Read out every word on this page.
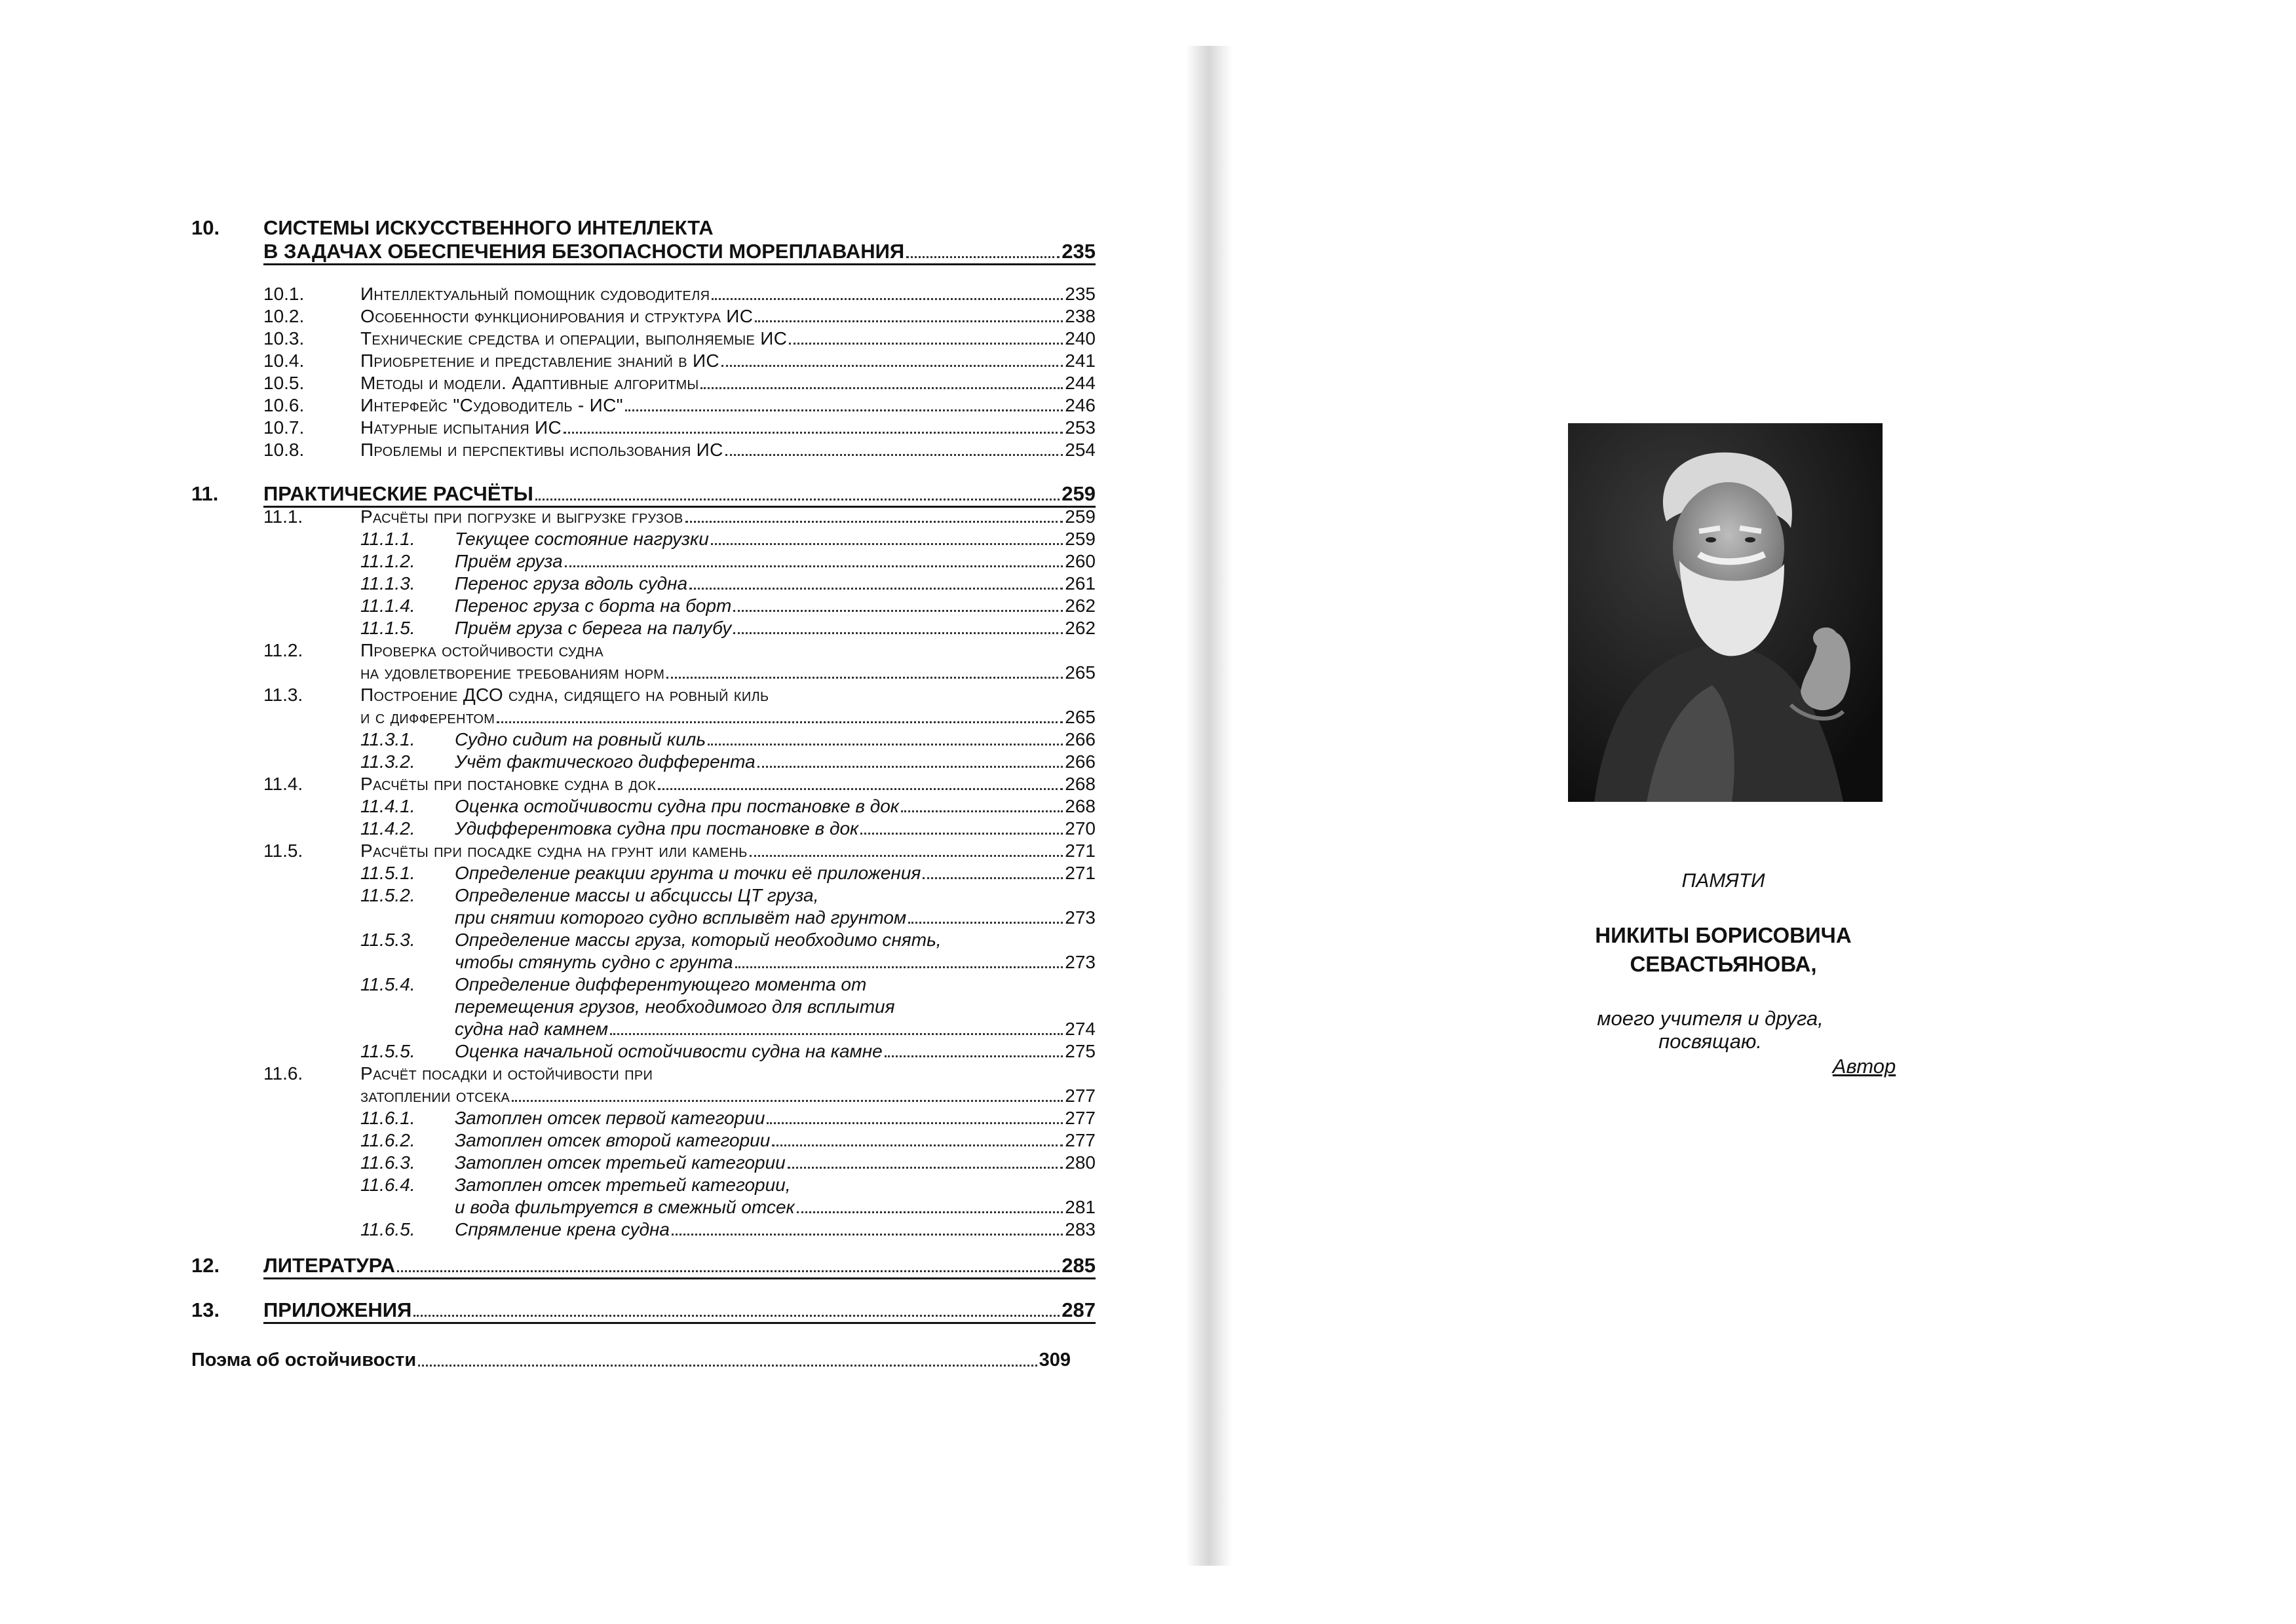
10. СИСТЕМЫ ИСКУССТВЕННОГО ИНТЕЛЛЕКТА
В ЗАДАЧАХ ОБЕСПЕЧЕНИЯ БЕЗОПАСНОСТИ МОРЕПЛАВАНИЯ	235
10.1.	Интеллектуальный помощник судоводителя	235
10.2.	Особенности функционирования и структура ИС	238
10.3.	Технические средства и операции, выполняемые ИС	240
10.4.	Приобретение и представление знаний в ИС	241
10.5.	Методы и модели. Адаптивные алгоритмы	244
10.6.	Интерфейс "Судоводитель - ИС"	246
10.7.	Натурные испытания ИС	253
10.8.	Проблемы и перспективы использования ИС	254
11. ПРАКТИЧЕСКИЕ РАСЧЁТЫ	259
11.1.	Расчёты при погрузке и выгрузке грузов	259
11.1.1. Текущее состояние нагрузки	259
11.1.2. Приём груза	260
11.1.3. Перенос груза вдоль судна	261
11.1.4. Перенос груза с борта на борт	262
11.1.5. Приём груза с берега на палубу	262
11.2.	Проверка остойчивости судна
на удовлетворение требованиям норм	265
11.3.	Построение ДСО судна, сидящего на ровный киль
и с дифферентом	265
11.3.1. Судно сидит на ровный киль	266
11.3.2. Учёт фактического дифферента	266
11.4.	Расчёты при постановке судна в док	268
11.4.1. Оценка остойчивости судна при постановке в док	268
11.4.2. Удифферентовка судна при постановке в док	270
11.5.	Расчёты при посадке судна на грунт или камень	271
11.5.1. Определение реакции грунта и точки её приложения	271
11.5.2. Определение массы и абсциссы ЦТ груза,
при снятии которого судно всплывёт над грунтом	273
11.5.3. Определение массы груза, который необходимо снять,
чтобы стянуть судно с грунта	273
11.5.4. Определение дифферентующего момента от
перемещения грузов, необходимого для всплытия
судна над камнем	274
11.5.5. Оценка начальной остойчивости судна на камне	275
11.6.	Расчёт посадки и остойчивости при
затоплении отсека	277
11.6.1. Затоплен отсек первой категории	277
11.6.2. Затоплен отсек второй категории	277
11.6.3. Затоплен отсек третьей категории	280
11.6.4. Затоплен отсек третьей категории,
и вода фильтруется в смежный отсек	281
11.6.5. Спрямление крена судна	283
12. ЛИТЕРАТУРА	285
13. ПРИЛОЖЕНИЯ	287
Поэма об остойчивости	309
ПАМЯТИ
НИКИТЫ БОРИСОВИЧА
СЕВАСТЬЯНОВА,
моего учителя и друга,
посвящаю.
Автор
